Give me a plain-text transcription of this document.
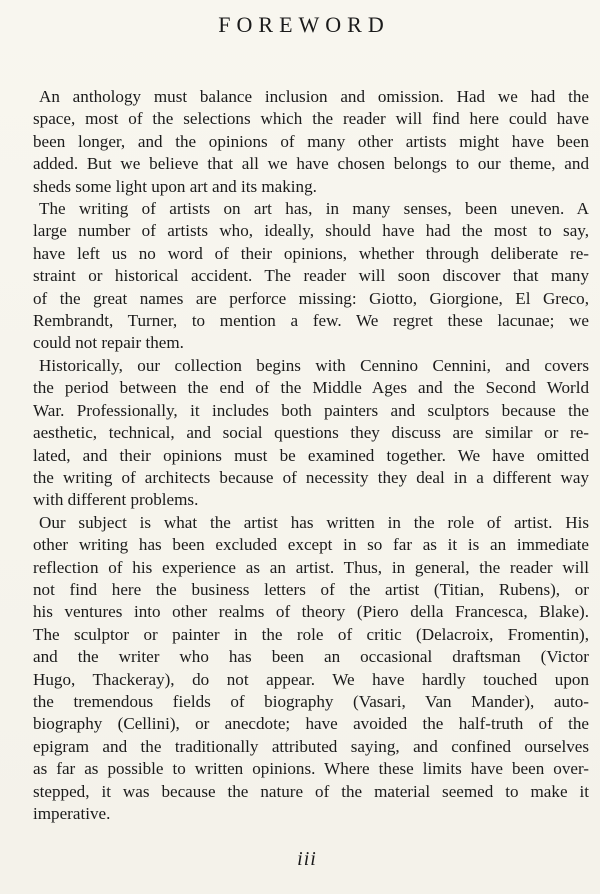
FOREWORD

An anthology must balance inclusion and omission. Had we had the
space, most of the selections which the reader will find here could have
been longer, and the opinions of many other artists might have been
added. But we believe that all we have chosen belongs to our theme, and
sheds some light upon art and its making.

The writing of artists on art has, in many senses, been uneven. A
large number of artists who, ideally, should have had the most to say,
have left us no word of their opinions, whether through deliberate re-
straint or historical accident. The reader will soon discover that many
of the great names are perforce missing: Giotto, Giorgione, El Greco,
Rembrandt, Turner, to mention a few. We regret these lacunae; we
could not repair them.

Historically, our collection begins with Cennino Cennini, and covers
the period between the end of the Middle Ages and the Second World
War. Professionally, it includes both painters and sculptors because the
aesthetic, technical, and social questions they discuss are similar or re-
lated, and their opinions must be examined together. We have omitted
the writing of architects because of necessity they deal in a different way
with different problems.

Our subject is what the artist has written in the role of artist. His
other writing has been excluded except in so far as it is an immediate
reflection of his experience as an artist. Thus, in general, the reader will
not find here the business letters of the artist (Titian, Rubens), or
his ventures into other realms of theory (Piero della Francesca, Blake).
The sculptor or painter in the role of critic (Delacroix, Fromentin),
and the writer who has been an occasional draftsman (Victor
Hugo, Thackeray), do not appear. We have hardly touched upon
the tremendous fields of biography (Vasari, Van Mander), auto-
biography (Cellini), or anecdote; have avoided the half-truth of the
epigram and the traditionally attributed saying, and confined ourselves
as far as possible to written opinions. Where these limits have been over-
stepped, it was because the nature of the material seemed to make it
imperative.

iii
